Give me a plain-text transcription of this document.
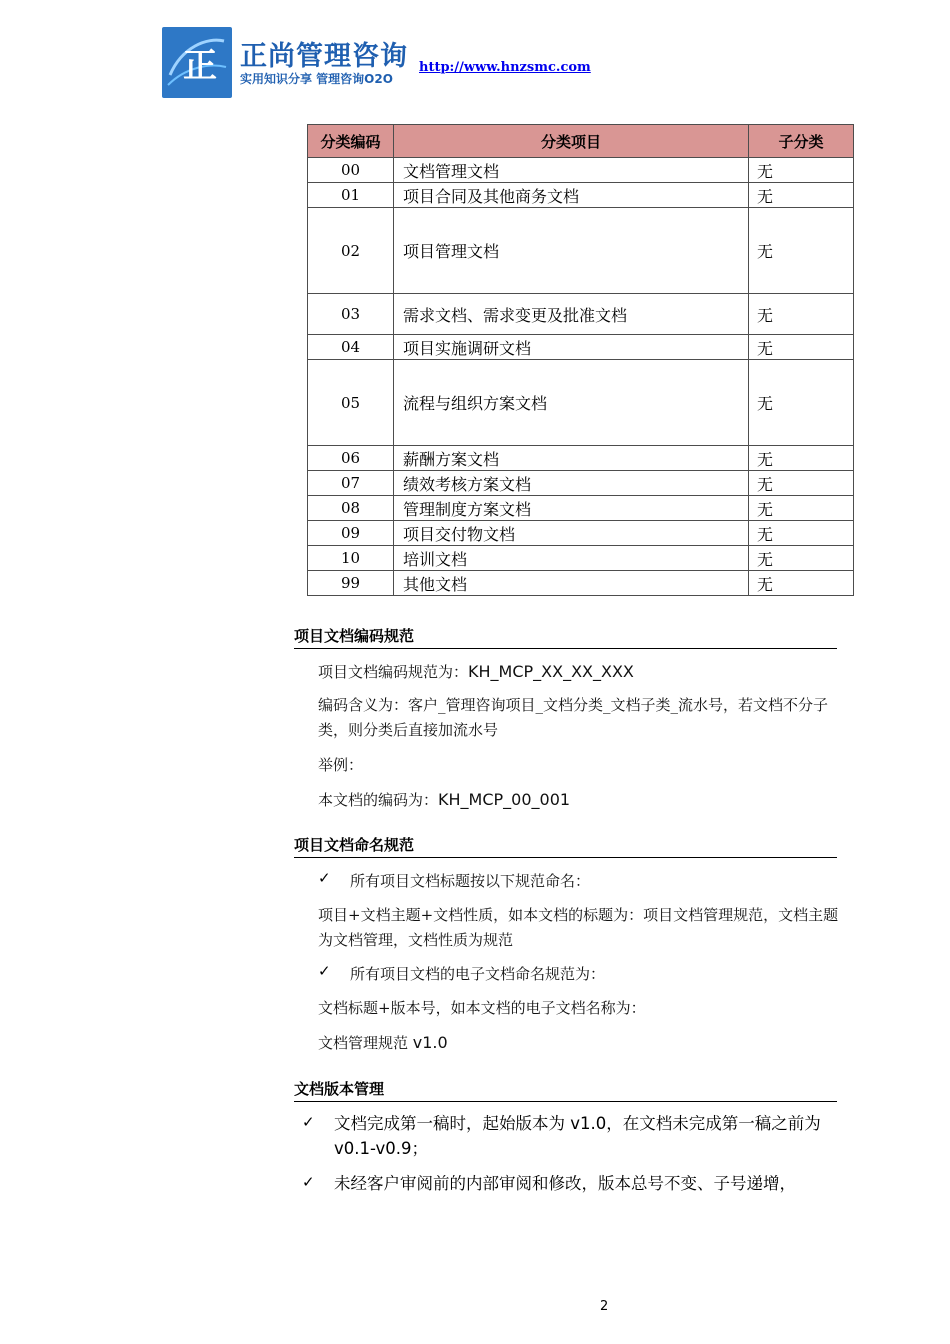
正 正尚管理咨询
实用知识分享 管理咨询O2O
http://www.hnzsmc.com
分类编码	分类项目	子分类
00	文档管理文档	无
01	项目合同及其他商务文档	无
02	项目管理文档	无
03	需求文档、需求变更及批准文档	无
04	项目实施调研文档	无
05	流程与组织方案文档	无
06	薪酬方案文档	无
07	绩效考核方案文档	无
08	管理制度方案文档	无
09	项目交付物文档	无
10	培训文档	无
99	其他文档	无
项目文档编码规范
项目文档编码规范为：KH_MCP_XX_XX_XXX
编码含义为：客户_管理咨询项目_文档分类_文档子类_流水号，若文档不分子类，则分类后直接加流水号
举例：
本文档的编码为：KH_MCP_00_001
项目文档命名规范
✓ 所有项目文档标题按以下规范命名：
项目+文档主题+文档性质，如本文档的标题为：项目文档管理规范，文档主题为文档管理，文档性质为规范
✓ 所有项目文档的电子文档命名规范为：
文档标题+版本号，如本文档的电子文档名称为：
文档管理规范 v1.0
文档版本管理
✓ 文档完成第一稿时，起始版本为 v1.0，在文档未完成第一稿之前为 v0.1-v0.9；
✓ 未经客户审阅前的内部审阅和修改，版本总号不变、子号递增，
2
